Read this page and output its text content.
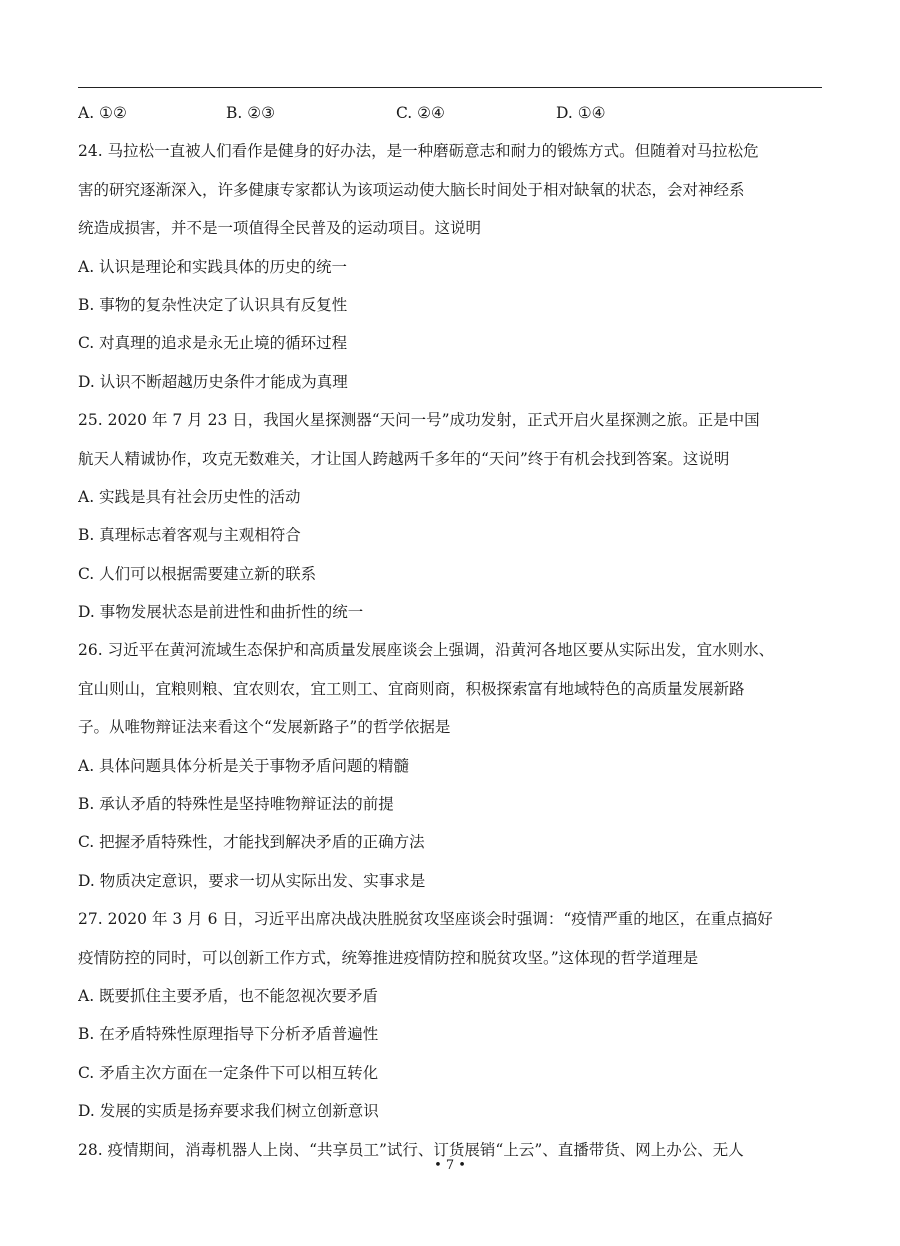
A. ①②	B. ②③	C. ②④	D. ①④
24. 马拉松一直被人们看作是健身的好办法，是一种磨砺意志和耐力的锻炼方式。但随着对马拉松危
害的研究逐渐深入，许多健康专家都认为该项运动使大脑长时间处于相对缺氧的状态，会对神经系
统造成损害，并不是一项值得全民普及的运动项目。这说明
A. 认识是理论和实践具体的历史的统一
B. 事物的复杂性决定了认识具有反复性
C. 对真理的追求是永无止境的循环过程
D. 认识不断超越历史条件才能成为真理
25. 2020 年 7 月 23 日，我国火星探测器“天问一号”成功发射，正式开启火星探测之旅。正是中国
航天人精诚协作，攻克无数难关，才让国人跨越两千多年的“天问”终于有机会找到答案。这说明
A. 实践是具有社会历史性的活动
B. 真理标志着客观与主观相符合
C. 人们可以根据需要建立新的联系
D. 事物发展状态是前进性和曲折性的统一
26. 习近平在黄河流域生态保护和高质量发展座谈会上强调，沿黄河各地区要从实际出发，宜水则水、
宜山则山，宜粮则粮、宜农则农，宜工则工、宜商则商，积极探索富有地域特色的高质量发展新路
子。从唯物辩证法来看这个“发展新路子”的哲学依据是
A. 具体问题具体分析是关于事物矛盾问题的精髓
B. 承认矛盾的特殊性是坚持唯物辩证法的前提
C. 把握矛盾特殊性，才能找到解决矛盾的正确方法
D. 物质决定意识，要求一切从实际出发、实事求是
27. 2020 年 3 月 6 日，习近平出席决战决胜脱贫攻坚座谈会时强调：“疫情严重的地区，在重点搞好
疫情防控的同时，可以创新工作方式，统筹推进疫情防控和脱贫攻坚。”这体现的哲学道理是
A. 既要抓住主要矛盾，也不能忽视次要矛盾
B. 在矛盾特殊性原理指导下分析矛盾普遍性
C. 矛盾主次方面在一定条件下可以相互转化
D. 发展的实质是扬弃要求我们树立创新意识
28. 疫情期间，消毒机器人上岗、“共享员工”试行、订货展销“上云”、直播带货、网上办公、无人
• 7 •
